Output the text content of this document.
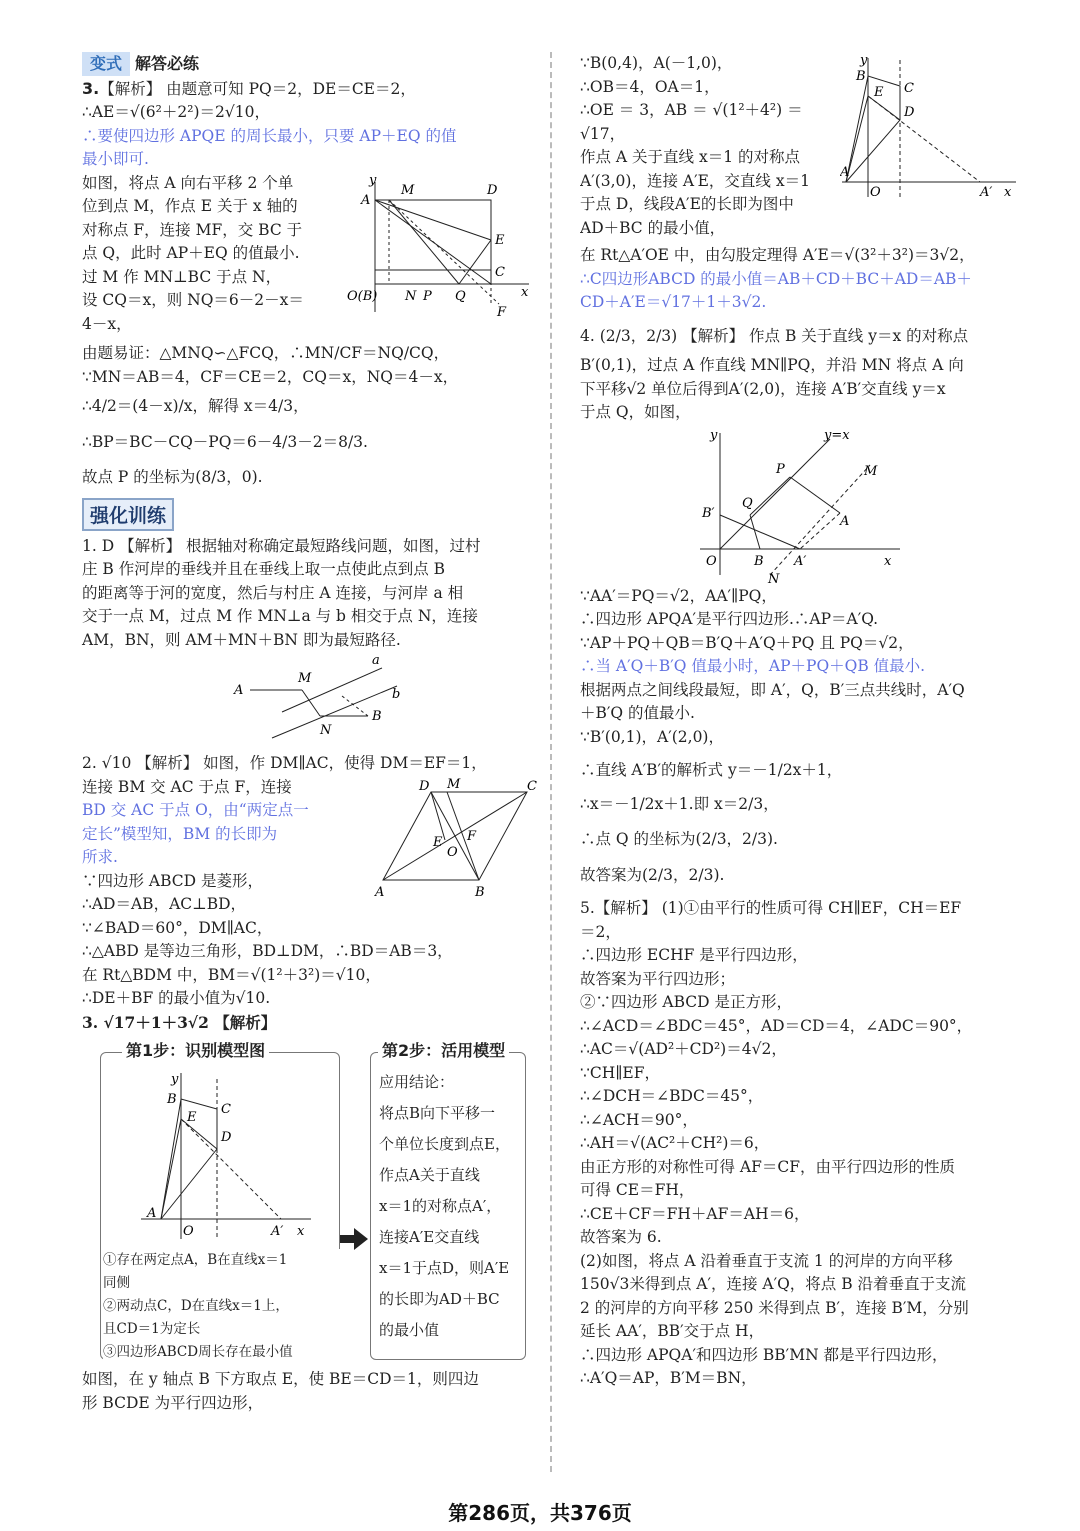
变式 解答必练
3.【解析】 由题意可知 PQ＝2，DE＝CE＝2，
∴AE＝√(6²＋2²)＝2√10，
∴要使四边形 APQE 的周长最小，只要 AP＋EQ 的值
最小即可.
y
M	D
A
E
C
x
O(B) N P Q
F
如图，将点 A 向右平移 2 个单
位到点 M，作点 E 关于 x 轴的
对称点 F，连接 MF，交 BC 于
点 Q，此时 AP＋EQ 的值最小.
过 M 作 MN⊥BC 于点 N，
设 CQ＝x，则 NQ＝6－2－x＝
4－x，
由题易证：△MNQ∽△FCQ，∴MN/CF＝NQ/CQ，
∵MN＝AB＝4，CF＝CE＝2，CQ＝x，NQ＝4－x，
∴4/2＝(4－x)/x，解得 x＝4/3，
∴BP＝BC－CQ－PQ＝6－4/3－2＝8/3.
故点 P 的坐标为(8/3，0).
强化训练
1. D 【解析】 根据轴对称确定最短路线问题，如图，过村
庄 B 作河岸的垂线并且在垂线上取一点使此点到点 B
的距离等于河的宽度，然后与村庄 A 连接，与河岸 a 相
交于一点 M，过点 M 作 MN⊥a 与 b 相交于点 N，连接
AM，BN，则 AM＋MN＋BN 即为最短路径.
a
A
M
b
N
B
2. √10 【解析】 如图，作 DM∥AC，使得 DM＝EF＝1，
D M	C
E F
O
A	B
连接 BM 交 AC 于点 F，连接
BD 交 AC 于点 O，由“两定点一
定长”模型知，BM 的长即为
所求.
∵四边形 ABCD 是菱形，
∴AD＝AB，AC⊥BD，
∵∠BAD＝60°，DM∥AC，
∴△ABD 是等边三角形，BD⊥DM，∴BD＝AB＝3，
在 Rt△BDM 中，BM＝√(1²＋3²)＝√10，
∴DE＋BF 的最小值为√10.
3. √17＋1＋3√2 【解析】
y
B
E
C
D
A
O	A′ x
①存在两定点A，B在直线x＝1
同侧
②两动点C，D在直线x＝1上，
且CD＝1为定长
③四边形ABCD周长存在最小值
第1步：识别模型图
应用结论：
将点B向下平移一
个单位长度到点E，
作点A关于直线
x＝1的对称点A′，
连接A′E交直线
x＝1于点D，则A′E
的长即为AD＋BC
的最小值
第2步：活用模型
如图，在 y 轴点 B 下方取点 E，使 BE＝CD＝1，则四边
形 BCDE 为平行四边形，
y
B
E C
D
A
O	A′ x
∵B(0,4)，A(－1,0)，
∴OB＝4，OA＝1，
∴OE ＝ 3，AB ＝ √(1²＋4²) ＝
√17，
作点 A 关于直线 x＝1 的对称点
A′(3,0)，连接 A′E，交直线 x＝1
于点 D，线段A′E的长即为图中
AD＋BC 的最小值，
在 Rt△A′OE 中，由勾股定理得 A′E＝√(3²＋3²)＝3√2，
∴C四边形ABCD 的最小值＝AB＋CD＋BC＋AD＝AB＋
CD＋A′E＝√17＋1＋3√2.
4. (2/3，2/3) 【解析】 作点 B 关于直线 y＝x 的对称点
B′(0,1)，过点 A 作直线 MN∥PQ，并沿 MN 将点 A 向
下平移√2 单位后得到A′(2,0)，连接 A′B′交直线 y＝x
于点 Q，如图，
y	y=x
P	M
B′
Q
A
O	B A′	x
N
∵AA′＝PQ＝√2，AA′∥PQ，
∴四边形 APQA′是平行四边形.∴AP＝A′Q.
∵AP＋PQ＋QB＝B′Q＋A′Q＋PQ 且 PQ＝√2，
∴当 A′Q＋B′Q 值最小时，AP＋PQ＋QB 值最小.
根据两点之间线段最短，即 A′，Q，B′三点共线时，A′Q
＋B′Q 的值最小.
∵B′(0,1)，A′(2,0)，
∴直线 A′B′的解析式 y＝－1/2x＋1，
∴x＝－1/2x＋1.即 x＝2/3，
∴点 Q 的坐标为(2/3，2/3).
故答案为(2/3，2/3).
5.【解析】 (1)①由平行的性质可得 CH∥EF，CH＝EF
＝2，
∴四边形 ECHF 是平行四边形，
故答案为平行四边形；
②∵四边形 ABCD 是正方形，
∴∠ACD＝∠BDC＝45°，AD＝CD＝4，∠ADC＝90°，
∴AC＝√(AD²＋CD²)＝4√2，
∵CH∥EF，
∴∠DCH＝∠BDC＝45°，
∴∠ACH＝90°，
∴AH＝√(AC²＋CH²)＝6，
由正方形的对称性可得 AF＝CF，由平行四边形的性质
可得 CE＝FH，
∴CE＋CF＝FH＋AF＝AH＝6，
故答案为 6.
(2)如图，将点 A 沿着垂直于支流 1 的河岸的方向平移
150√3米得到点 A′，连接 A′Q，将点 B 沿着垂直于支流
2 的河岸的方向平移 250 米得到点 B′，连接 B′M，分别
延长 AA′，BB′交于点 H，
∴四边形 APQA′和四边形 BB′MN 都是平行四边形，
∴A′Q＝AP，B′M＝BN，
第286页，共376页
